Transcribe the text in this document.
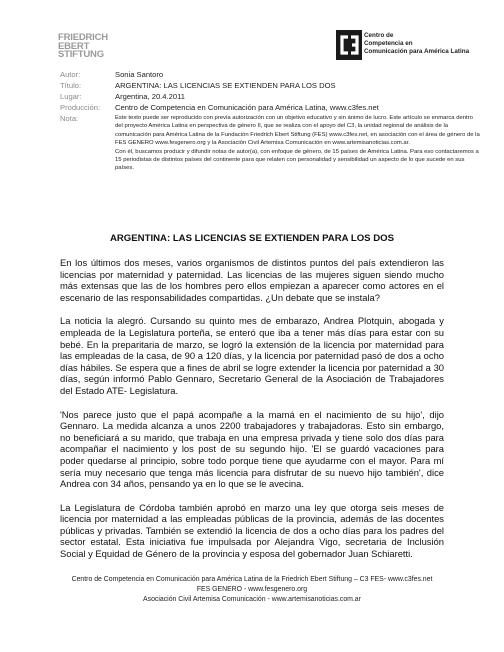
FRIEDRICH
EBERT
STIFTUNG
Centro de
Competencia en
Comunicación para América Latina
Autor:	Sonia Santoro
Título:	ARGENTINA: LAS LICENCIAS SE EXTIENDEN PARA LOS DOS
Lugar:	Argentina, 20.4.2011
Producción:	Centro de Competencia en Comunicación para América Latina, www.c3fes.net
Nota:	Este texto puede ser reproducido con previa autorización con un objetivo educativo y sin ánimo de lucro. Este artículo se enmarca dentro del proyecto América Latina en perspectiva de género II, que se realiza con el apoyo del C3, la unidad regional de análisis de la comunicación para América Latina de la Fundación Friedrich Ebert Stiftung (FES) www.c3fes.net, en asociación con el área de género de la FES GENERO www.fesgenero.org y la Asociación Civil Artemisa Comunicación en www.artemisanoticias.com.ar.

Con él, buscamos producir y difundir notas de autor(a), con enfoque de género, de 15 países de América Latina. Para eso contactaremos a 15 periodistas de distintos países del continente para que relaten con personalidad y sensibilidad un aspecto de lo que sucede en sus países.

ARGENTINA: LAS LICENCIAS SE EXTIENDEN PARA LOS DOS

En los últimos dos meses, varios organismos de distintos puntos del país extendieron las licencias por maternidad y paternidad. Las licencias de las mujeres siguen siendo mucho más extensas que las de los hombres pero ellos empiezan a aparecer como actores en el escenario de las responsabilidades compartidas. ¿Un debate que se instala?

La noticia la alegró. Cursando su quinto mes de embarazo, Andrea Plotquin, abogada y empleada de la Legislatura porteña, se enteró que iba a tener más días para estar con su bebé. En la preparitaria de marzo, se logró la extensión de la licencia por maternidad para las empleadas de la casa, de 90 a 120 días, y la licencia por paternidad pasó de dos a ocho días hábiles. Se espera que a fines de abril se logre extender la licencia por paternidad a 30 días, según informó Pablo Gennaro, Secretario General de la Asociación de Trabajadores del Estado ATE- Legislatura.

'Nos parece justo que el papá acompañe a la mamá en el nacimiento de su hijo', dijo Gennaro. La medida alcanza a unos 2200 trabajadores y trabajadoras. Esto sin embargo, no beneficiará a su marido, que trabaja en una empresa privada y tiene solo dos días para acompañar el nacimiento y los post de su segundo hijo. 'El se guardó vacaciones para poder quedarse al principio, sobre todo porque tiene que ayudarme con el mayor. Para mí sería muy necesario que tenga más licencia para disfrutar de su nuevo hijo también', dice Andrea con 34 años, pensando ya en lo que se le avecina.

La Legislatura de Córdoba también aprobó en marzo una ley que otorga seis meses de licencia por maternidad a las empleadas públicas de la provincia, además de las docentes públicas y privadas. También se extendió la licencia de dos a ocho días para los padres del sector estatal. Esta iniciativa fue impulsada por Alejandra Vigo, secretaria de Inclusión Social y Equidad de Género de la provincia y esposa del gobernador Juan Schiaretti.

Centro de Competencia en Comunicación para América Latina de la Friedrich Ebert Stiftung – C3 FES- www.c3fes.net
FES GENERO - www.fesgenero.org
Asociación Civil Artemisa Comunicación - www.artemisanoticias.com.ar
